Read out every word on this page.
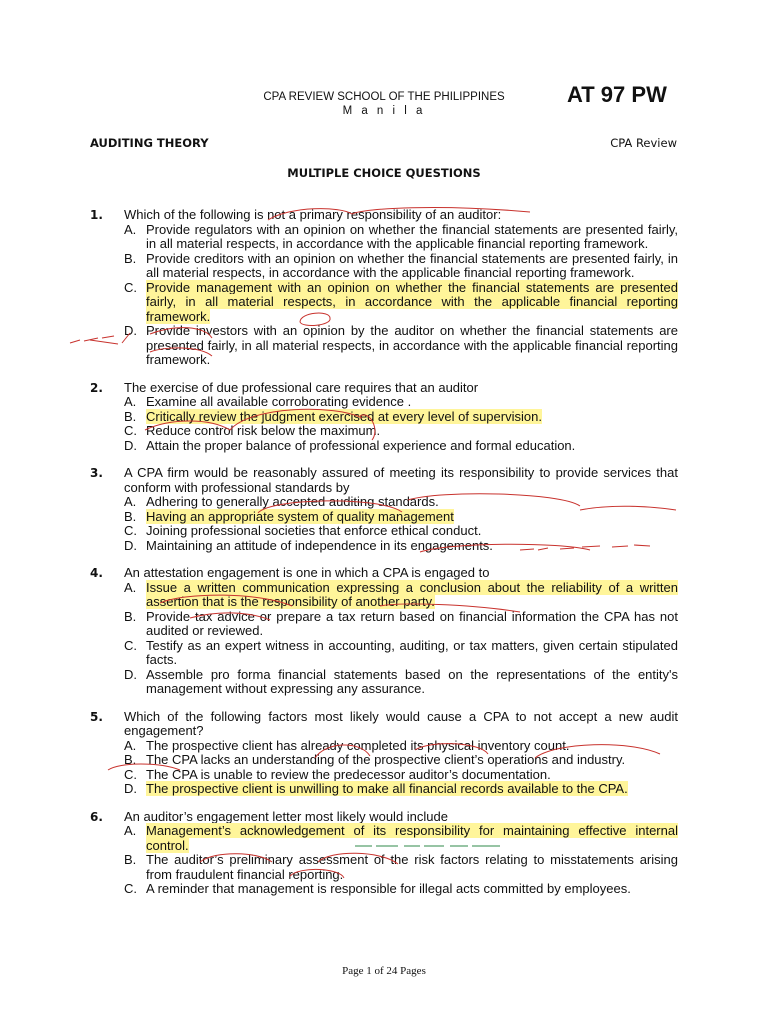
CPA REVIEW SCHOOL OF THE PHILIPPINES
M a n i l a
AT 97 PW
AUDITING THEORY	CPA Review
MULTIPLE CHOICE QUESTIONS
1. Which of the following is not a primary responsibility of an auditor:
A. Provide regulators with an opinion on whether the financial statements are presented fairly, in all material respects, in accordance with the applicable financial reporting framework.
B. Provide creditors with an opinion on whether the financial statements are presented fairly, in all material respects, in accordance with the applicable financial reporting framework.
C. Provide management with an opinion on whether the financial statements are presented fairly, in all material respects, in accordance with the applicable financial reporting framework.
D. Provide investors with an opinion by the auditor on whether the financial statements are presented fairly, in all material respects, in accordance with the applicable financial reporting framework.
2. The exercise of due professional care requires that an auditor
A. Examine all available corroborating evidence .
B. Critically review the judgment exercised at every level of supervision.
C. Reduce control risk below the maximum.
D. Attain the proper balance of professional experience and formal education.
3. A CPA firm would be reasonably assured of meeting its responsibility to provide services that conform with professional standards by
A. Adhering to generally accepted auditing standards.
B. Having an appropriate system of quality management
C. Joining professional societies that enforce ethical conduct.
D. Maintaining an attitude of independence in its engagements.
4. An attestation engagement is one in which a CPA is engaged to
A. Issue a written communication expressing a conclusion about the reliability of a written assertion that is the responsibility of another party.
B. Provide tax advice or prepare a tax return based on financial information the CPA has not audited or reviewed.
C. Testify as an expert witness in accounting, auditing, or tax matters, given certain stipulated facts.
D. Assemble pro forma financial statements based on the representations of the entity's management without expressing any assurance.
5. Which of the following factors most likely would cause a CPA to not accept a new audit engagement?
A. The prospective client has already completed its physical inventory count.
B. The CPA lacks an understanding of the prospective client’s operations and industry.
C. The CPA is unable to review the predecessor auditor’s documentation.
D. The prospective client is unwilling to make all financial records available to the CPA.
6. An auditor’s engagement letter most likely would include
A. Management’s acknowledgement of its responsibility for maintaining effective internal control.
B. The auditor’s preliminary assessment of the risk factors relating to misstatements arising from fraudulent financial reporting.
C. A reminder that management is responsible for illegal acts committed by employees.
Page 1 of 24 Pages
